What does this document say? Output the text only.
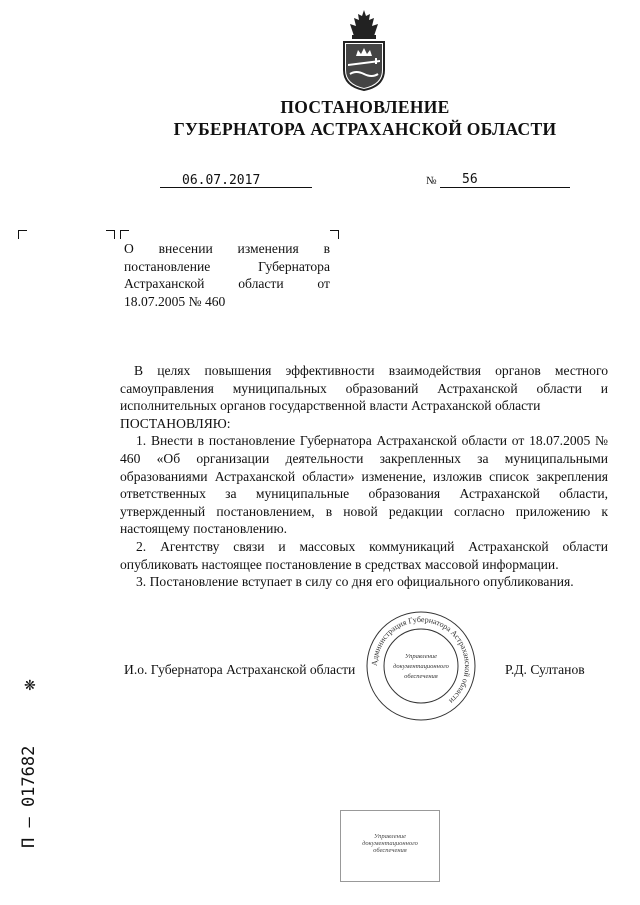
ПОСТАНОВЛЕНИЕ
ГУБЕРНАТОРА АСТРАХАНСКОЙ ОБЛАСТИ
06.07.2017	№ 56
О внесении изменения в
постановление Губернатора
Астраханской области от
18.07.2005 № 460

В целях повышения эффективности взаимодействия органов местного самоуправления муниципальных образований Астраханской области и исполнительных органов государственной власти Астраханской области

ПОСТАНОВЛЯЮ:

1. Внести в постановление Губернатора Астраханской области от 18.07.2005 № 460 «Об организации деятельности закрепленных за муниципальными образованиями Астраханской области» изменение, изложив список закрепления ответственных за муниципальные образования Астраханской области, утвержденный постановлением, в новой редакции согласно приложению к настоящему постановлению.

2. Агентству связи и массовых коммуникаций Астраханской области опубликовать настоящее постановление в средствах массовой информации.

3. Постановление вступает в силу со дня его официального опубликования.

И.о. Губернатора Астраханской области	Р.Д. Султанов
Администрация Губернатора Астраханской области
Управление
документационного
обеспечения
Управление
документационного
обеспечения
П — 017682
❋
